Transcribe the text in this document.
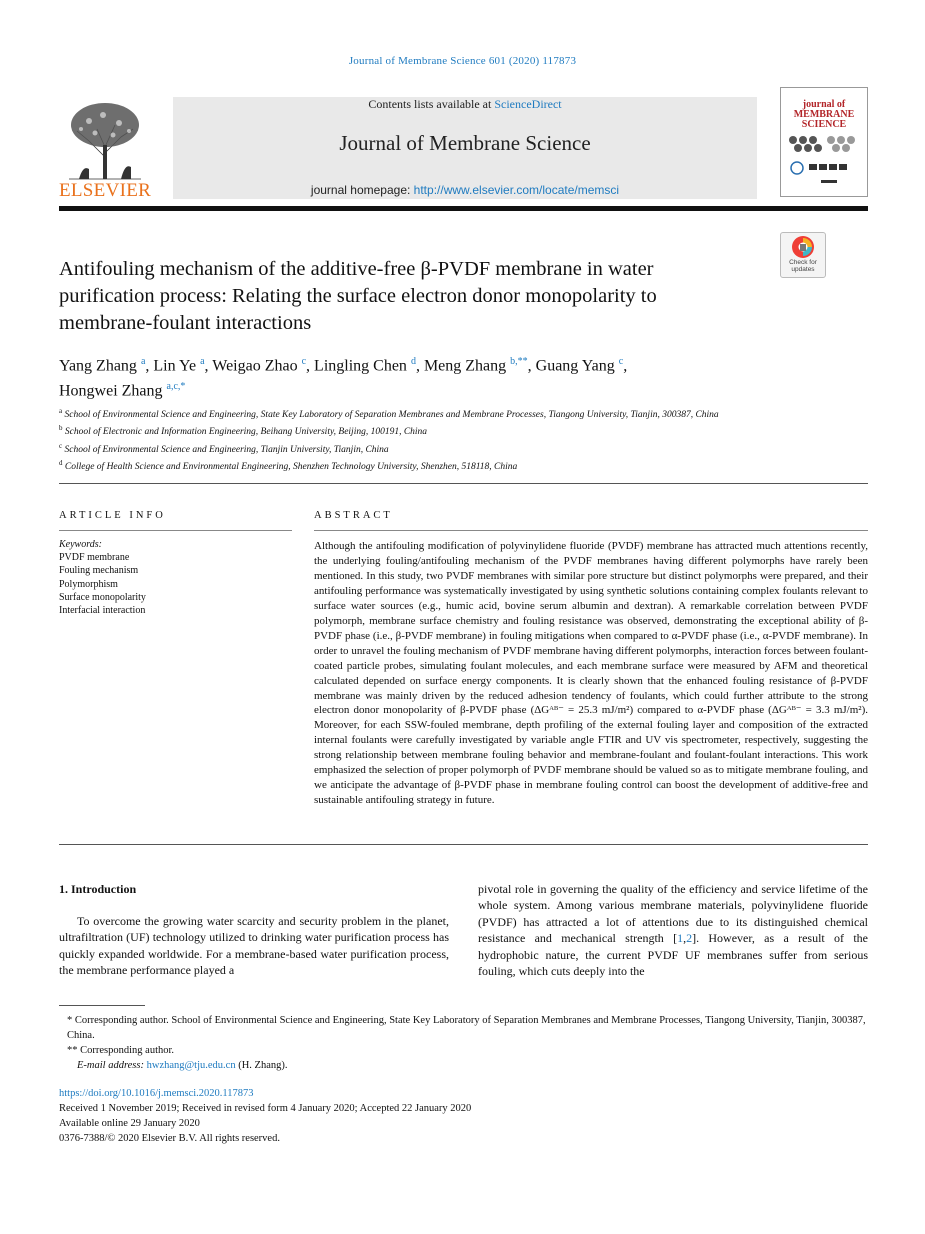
Journal of Membrane Science 601 (2020) 117873
ELSEVIER
Contents lists available at ScienceDirect
Journal of Membrane Science
journal homepage: http://www.elsevier.com/locate/memsci
journal of MEMBRANE SCIENCE
Check for updates
Antifouling mechanism of the additive-free β-PVDF membrane in water
purification process: Relating the surface electron donor monopolarity to
membrane-foulant interactions
Yang Zhang $^a$, Lin Ye $^a$, Weigao Zhao $^c$, Lingling Chen $^d$, Meng Zhang $^{b,**}$, Guang Yang $^c$,
Hongwei Zhang $^{a,c,*}$
$^a$ School of Environmental Science and Engineering, State Key Laboratory of Separation Membranes and Membrane Processes, Tiangong University, Tianjin, 300387, China
$^b$ School of Electronic and Information Engineering, Beihang University, Beijing, 100191, China
$^c$ School of Environmental Science and Engineering, Tianjin University, Tianjin, China
$^d$ College of Health Science and Environmental Engineering, Shenzhen Technology University, Shenzhen, 518118, China
ARTICLE INFO	ABSTRACT
Keywords:
PVDF membrane
Fouling mechanism
Polymorphism
Surface monopolarity
Interfacial interaction
Although the antifouling modification of polyvinylidene fluoride (PVDF) membrane has attracted much attentions recently, the underlying fouling/antifouling mechanism of the PVDF membranes having different polymorphs have rarely been mentioned. In this study, two PVDF membranes with similar pore structure but distinct polymorphs were prepared, and their antifouling performance was systematically investigated by using synthetic solutions containing complex foulants relevant to surface water sources (e.g., humic acid, bovine serum albumin and dextran). A remarkable correlation between PVDF polymorph, membrane surface chemistry and fouling resistance was observed, demonstrating the exceptional ability of β-PVDF phase (i.e., β-PVDF membrane) in fouling mitigations when compared to α-PVDF phase (i.e., α-PVDF membrane). In order to unravel the fouling mechanism of PVDF membrane having different polymorphs, interaction forces between foulant-coated particle probes, simulating foulant molecules, and each membrane surface were measured by AFM and theoretical calculated depended on surface energy components. It is clearly shown that the enhanced fouling resistance of β-PVDF membrane was mainly driven by the reduced adhesion tendency of foulants, which could further attribute to the strong electron donor monopolarity of β-PVDF phase (ΔGᴬᴮ⁻ = 25.3 mJ/m²) compared to α-PVDF phase (ΔGᴬᴮ⁻ = 3.3 mJ/m²). Moreover, for each SSW-fouled membrane, depth profiling of the external fouling layer and composition of the extracted internal foulants were carefully investigated by variable angle FTIR and UV vis spectrometer, respectively, suggesting the strong relationship between membrane fouling behavior and membrane-foulant and foulant-foulant interactions. This work emphasized the selection of proper polymorph of PVDF membrane should be valued so as to mitigate membrane fouling, and we anticipate the advantage of β-PVDF phase in membrane fouling control can boost the development of additive-free and sustainable antifouling strategy in future.
1. Introduction
To overcome the growing water scarcity and security problem in the planet, ultrafiltration (UF) technology utilized to drinking water purification process has quickly expanded worldwide. For a membrane-based water purification process, the membrane performance played a
pivotal role in governing the quality of the efficiency and service lifetime of the whole system. Among various membrane materials, polyvinylidene fluoride (PVDF) has attracted a lot of attentions due to its distinguished chemical resistance and mechanical strength [1,2]. However, as a result of the hydrophobic nature, the current PVDF UF membranes suffer from serious fouling, which cuts deeply into the
* Corresponding author. School of Environmental Science and Engineering, State Key Laboratory of Separation Membranes and Membrane Processes, Tiangong University, Tianjin, 300387, China.
** Corresponding author.
E-mail address: hwzhang@tju.edu.cn (H. Zhang).
https://doi.org/10.1016/j.memsci.2020.117873
Received 1 November 2019; Received in revised form 4 January 2020; Accepted 22 January 2020
Available online 29 January 2020
0376-7388/© 2020 Elsevier B.V. All rights reserved.
